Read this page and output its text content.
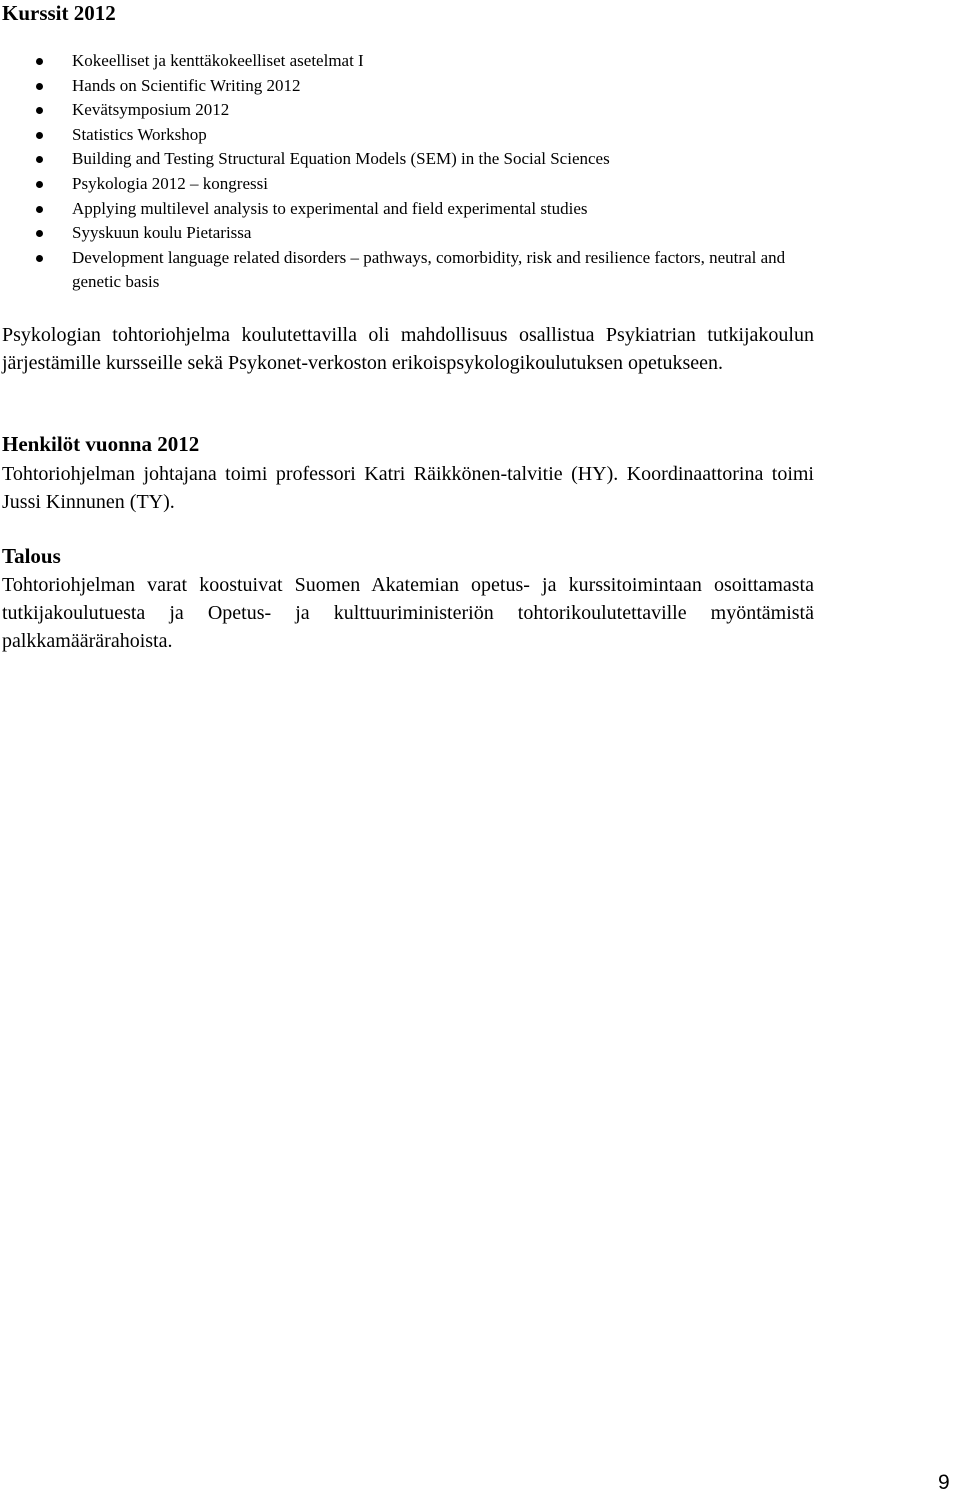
Kurssit 2012
Kokeelliset ja kenttäkokeelliset asetelmat I
Hands on Scientific Writing 2012
Kevätsymposium 2012
Statistics Workshop
Building and Testing Structural Equation Models (SEM) in the Social Sciences
Psykologia 2012 – kongressi
Applying multilevel analysis to experimental and field experimental studies
Syyskuun koulu Pietarissa
Development language related disorders – pathways, comorbidity, risk and resilience factors, neutral and genetic basis

Psykologian tohtoriohjelma koulutettavilla oli mahdollisuus osallistua Psykiatrian tutkijakoulun järjestämille kursseille sekä Psykonet-verkoston erikoispsykologikoulutuksen opetukseen.

Henkilöt vuonna 2012

Tohtoriohjelman johtajana toimi professori Katri Räikkönen-talvitie (HY). Koordinaattorina toimi Jussi Kinnunen (TY).

Talous

Tohtoriohjelman varat koostuivat Suomen Akatemian opetus- ja kurssitoimintaan osoittamasta tutkijakoulutuesta ja Opetus- ja kulttuuriministeriön tohtorikoulutettaville myöntämistä palkkamäärärahoista.

9
